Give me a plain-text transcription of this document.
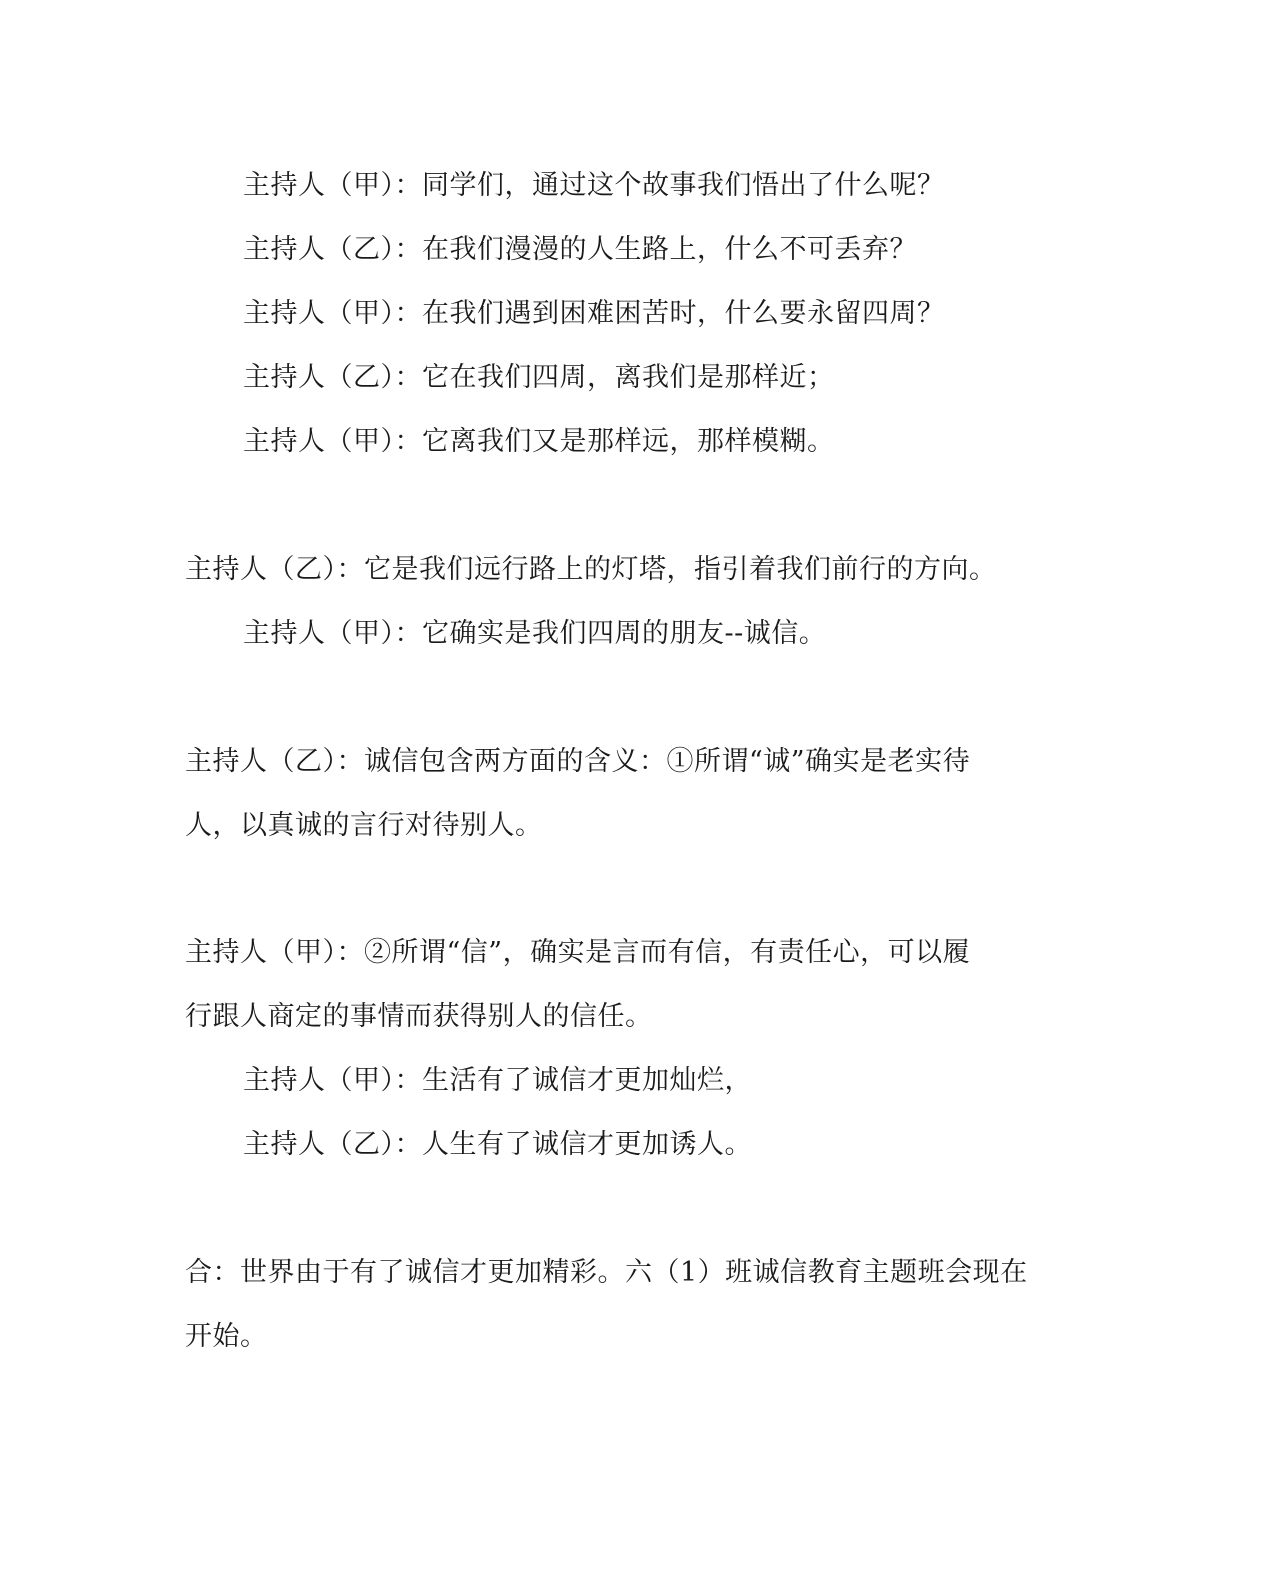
主持人（甲）：同学们，通过这个故事我们悟出了什么呢？
主持人（乙）：在我们漫漫的人生路上，什么不可丢弃？
主持人（甲）：在我们遇到困难困苦时，什么要永留四周？
主持人（乙）：它在我们四周，离我们是那样近；
主持人（甲）：它离我们又是那样远，那样模糊。
主持人（乙）：它是我们远行路上的灯塔，指引着我们前行的方向。
主持人（甲）：它确实是我们四周的朋友--诚信。
主持人（乙）：诚信包含两方面的含义：①所谓“诚”确实是老实待
人，以真诚的言行对待别人。
主持人（甲）：②所谓“信”，确实是言而有信，有责任心，可以履
行跟人商定的事情而获得别人的信任。
主持人（甲）：生活有了诚信才更加灿烂，
主持人（乙）：人生有了诚信才更加诱人。
合：世界由于有了诚信才更加精彩。六（1）班诚信教育主题班会现在
开始。
